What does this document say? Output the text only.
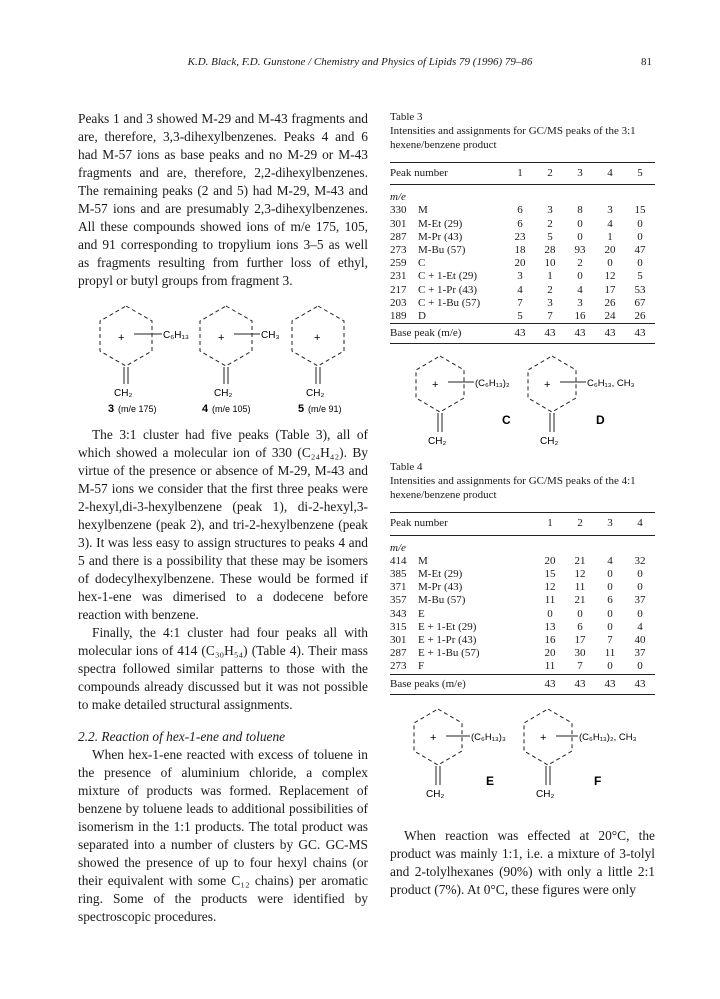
K.D. Black, F.D. Gunstone / Chemistry and Physics of Lipids 79 (1996) 79–86	81

Peaks 1 and 3 showed M-29 and M-43 fragments and are, therefore, 3,3-dihexylbenzenes. Peaks 4 and 6 had M-57 ions as base peaks and no M-29 or M-43 fragments and are, therefore, 2,2-dihexylbenzenes. The remaining peaks (2 and 5) had M-29, M-43 and M-57 ions and are presumably 2,3-dihexylbenzenes. All these compounds showed ions of m/e 175, 105, and 91 corresponding to tropylium ions 3–5 as well as fragments resulting from further loss of ethyl, propyl or butyl groups from fragment 3.

+	C₆H₁₃
CH₂
3 (m/e 175)
+	CH₃
CH₂
4 (m/e 105)
+
CH₂
5 (m/e 91)

The 3:1 cluster had five peaks (Table 3), all of which showed a molecular ion of 330 (C₂₄H₄₂). By virtue of the presence or absence of M-29, M-43 and M-57 ions we consider that the first three peaks were 2-hexyl,di-3-hexylbenzene (peak 1), di-2-hexyl,3-hexylbenzene (peak 2), and tri-2-hexylbenzene (peak 3). It was less easy to assign structures to peaks 4 and 5 and there is a possibility that these may be isomers of dodecylhexylbenzene. These would be formed if hex-1-ene was dimerised to a dodecene before reaction with benzene.

Finally, the 4:1 cluster had four peaks all with molecular ions of 414 (C₃₀H₅₄) (Table 4). Their mass spectra followed similar patterns to those with the compounds already discussed but it was not possible to make detailed structural assignments.

2.2. Reaction of hex-1-ene and toluene

When hex-1-ene reacted with excess of toluene in the presence of aluminium chloride, a complex mixture of products was formed. Replacement of benzene by toluene leads to additional possibilities of isomerism in the 1:1 products. The total product was separated into a number of clusters by GC. GC-MS showed the presence of up to four hexyl chains (or their equivalent with some C₁₂ chains) per aromatic ring. Some of the products were identified by spectroscopic procedures.

Table 3
Intensities and assignments for GC/MS peaks of the 3:1 hexene/benzene product
Peak number		1	2	3	4	5

m/e						
330	M	6	3	8	3	15
301	M-Et (29)	6	2	0	4	0
287	M-Pr (43)	23	5	0	1	0
273	M-Bu (57)	18	28	93	20	47
259	C	20	10	2	0	0
231	C + 1-Et (29)	3	1	0	12	5
217	C + 1-Pr (43)	4	2	4	17	53
203	C + 1-Bu (57)	7	3	3	26	67
189	D	5	7	16	24	26
Base peak (m/e)		43	43	43	43	43
+	(C₆H₁₃)₂
CH₂
C
+	C₆H₁₃, CH₃
CH₂
D
Table 4
Intensities and assignments for GC/MS peaks of the 4:1 hexene/benzene product
Peak number		1	2	3	4

m/e					
414	M	20	21	4	32
385	M-Et (29)	15	12	0	0
371	M-Pr (43)	12	11	0	0
357	M-Bu (57)	11	21	6	37
343	E	0	0	0	0
315	E + 1-Et (29)	13	6	0	4
301	E + 1-Pr (43)	16	17	7	40
287	E + 1-Bu (57)	20	30	11	37
273	F	11	7	0	0
Base peaks (m/e)		43	43	43	43
+	(C₆H₁₃)₃
CH₂
E
+	(C₆H₁₃)₂, CH₃
CH₂
F

When reaction was effected at 20°C, the product was mainly 1:1, i.e. a mixture of 3-tolyl and 2-tolylhexanes (90%) with only a little 2:1 product (7%). At 0°C, these figures were only
